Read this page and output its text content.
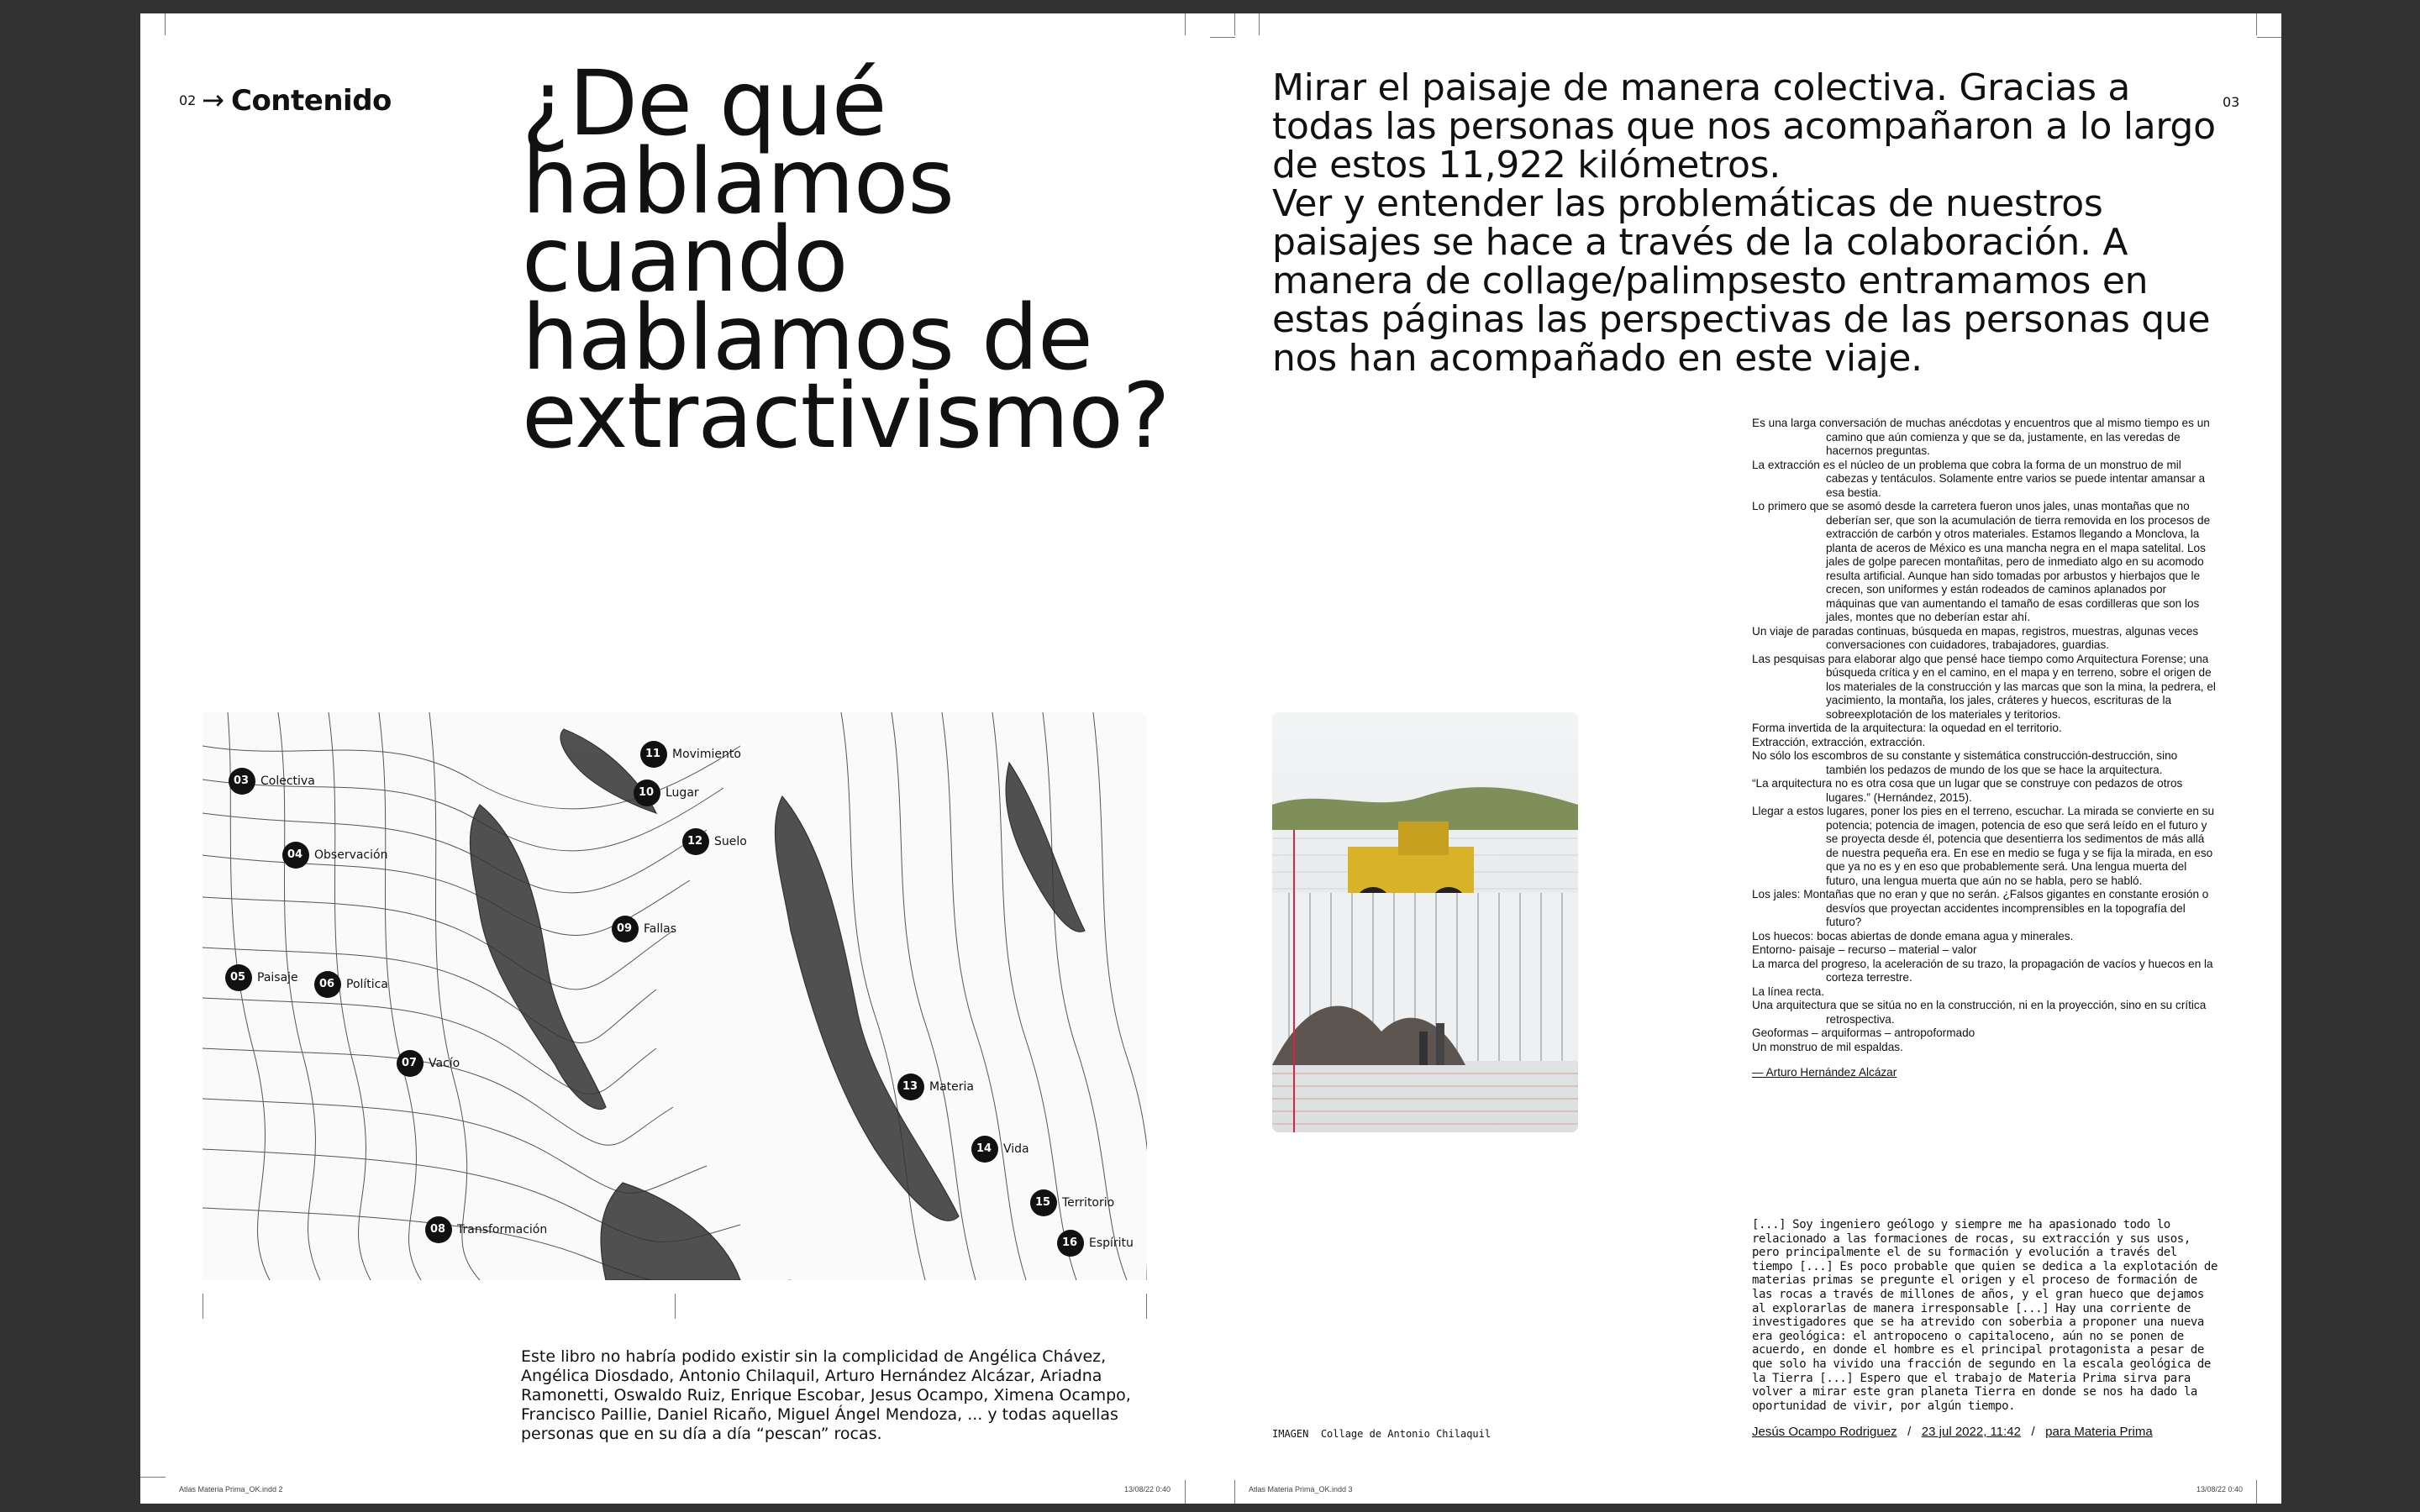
02 → Contenido ¿De qué
hablamos
cuando
hablamos de
extractivismo?
03 Colectiva
04 Observación
05 Paisaje 06 Política
07 Vacío
08 Transformación
09 Fallas
10 Lugar
11 Movimiento
12 Suelo
13 Materia
14 Vida
15 Territorio
16 Espíritu
Este libro no habría podido existir sin la complicidad de Angélica Chávez, Angélica Diosdado, Antonio Chilaquil, Arturo Hernández Alcázar, Ariadna Ramonetti, Oswaldo Ruiz, Enrique Escobar, Jesus Ocampo, Ximena Ocampo, Francisco Paillie, Daniel Ricaño, Miguel Ángel Mendoza, ... y todas aquellas personas que en su día a día “pescan” rocas.

Mirar el paisaje de manera colectiva. Gracias a todas las personas que nos acompañaron a lo largo de estos 11,922 kilómetros.

Ver y entender las problemáticas de nuestros paisajes se hace a través de la colaboración. A manera de collage/palimpsesto entramamos en estas páginas las perspectivas de las personas que nos han acompañado en este viaje.

03
IMAGEN Collage de Antonio Chilaquil

Es una larga conversación de muchas anécdotas y encuentros que al mismo tiempo es un camino que aún comienza y que se da, justamente, en las veredas de hacernos preguntas.

La extracción es el núcleo de un problema que cobra la forma de un monstruo de mil cabezas y tentáculos. Solamente entre varios se puede intentar amansar a esa bestia.

Lo primero que se asomó desde la carretera fueron unos jales, unas montañas que no deberían ser, que son la acumulación de tierra removida en los procesos de extracción de carbón y otros materiales. Estamos llegando a Monclova, la planta de aceros de México es una mancha negra en el mapa satelital. Los jales de golpe parecen montañitas, pero de inmediato algo en su acomodo resulta artificial. Aunque han sido tomadas por arbustos y hierbajos que le crecen, son uniformes y están rodeados de caminos aplanados por máquinas que van aumentando el tamaño de esas cordilleras que son los jales, montes que no deberían estar ahí.

Un viaje de paradas continuas, búsqueda en mapas, registros, muestras, algunas veces conversaciones con cuidadores, trabajadores, guardias.

Las pesquisas para elaborar algo que pensé hace tiempo como Arquitectura Forense; una búsqueda crítica y en el camino, en el mapa y en terreno, sobre el origen de los materiales de la construcción y las marcas que son la mina, la pedrera, el yacimiento, la montaña, los jales, cráteres y huecos, escrituras de la sobreexplotación de los materiales y teritorios.

Forma invertida de la arquitectura: la oquedad en el territorio.

Extracción, extracción, extracción.

No sólo los escombros de su constante y sistemática construcción-destrucción, sino también los pedazos de mundo de los que se hace la arquitectura.

“La arquitectura no es otra cosa que un lugar que se construye con pedazos de otros lugares.” (Hernández, 2015).

Llegar a estos lugares, poner los pies en el terreno, escuchar. La mirada se convierte en su potencia; potencia de imagen, potencia de eso que será leído en el futuro y se proyecta desde él, potencia que desentierra los sedimentos de más allá de nuestra pequeña era. En ese en medio se fuga y se fija la mirada, en eso que ya no es y en eso que probablemente será. Una lengua muerta del futuro, una lengua muerta que aún no se habla, pero se habló.

Los jales: Montañas que no eran y que no serán. ¿Falsos gigantes en constante erosión o desvíos que proyectan accidentes incomprensibles en la topografía del futuro?

Los huecos: bocas abiertas de donde emana agua y minerales.

Entorno- paisaje – recurso – material – valor

La marca del progreso, la aceleración de su trazo, la propagación de vacíos y huecos en la corteza terrestre.

La línea recta.

Una arquitectura que se sitúa no en la construcción, ni en la proyección, sino en su crítica retrospectiva.

Geoformas – arquiformas – antropoformado

Un monstruo de mil espaldas.

— Arturo Hernández Alcázar

[...] Soy ingeniero geólogo y siempre me ha apasionado todo lo relacionado a las formaciones de rocas, su extracción y sus usos, pero principalmente el de su formación y evolución a través del tiempo [...] Es poco probable que quien se dedica a la explotación de materias primas se pregunte el origen y el proceso de formación de las rocas a través de millones de años, y el gran hueco que dejamos al explorarlas de manera irresponsable [...] Hay una corriente de investigadores que se ha atrevido con soberbia a proponer una nueva era geológica: el antropoceno o capitaloceno, aún no se ponen de acuerdo, en donde el hombre es el principal protagonista a pesar de que solo ha vivido una fracción de segundo en la escala geológica de la Tierra [...] Espero que el trabajo de Materia Prima sirva para volver a mirar este gran planeta Tierra en donde se nos ha dado la oportunidad de vivir, por algún tiempo.
Jesús Ocampo Rodriguez / 23 jul 2022, 11:42 / para Materia Prima
Atlas Materia Prima_OK.indd 2	13/08/22 0:40	Atlas Materia Prima_OK.indd 3	13/08/22 0:40
